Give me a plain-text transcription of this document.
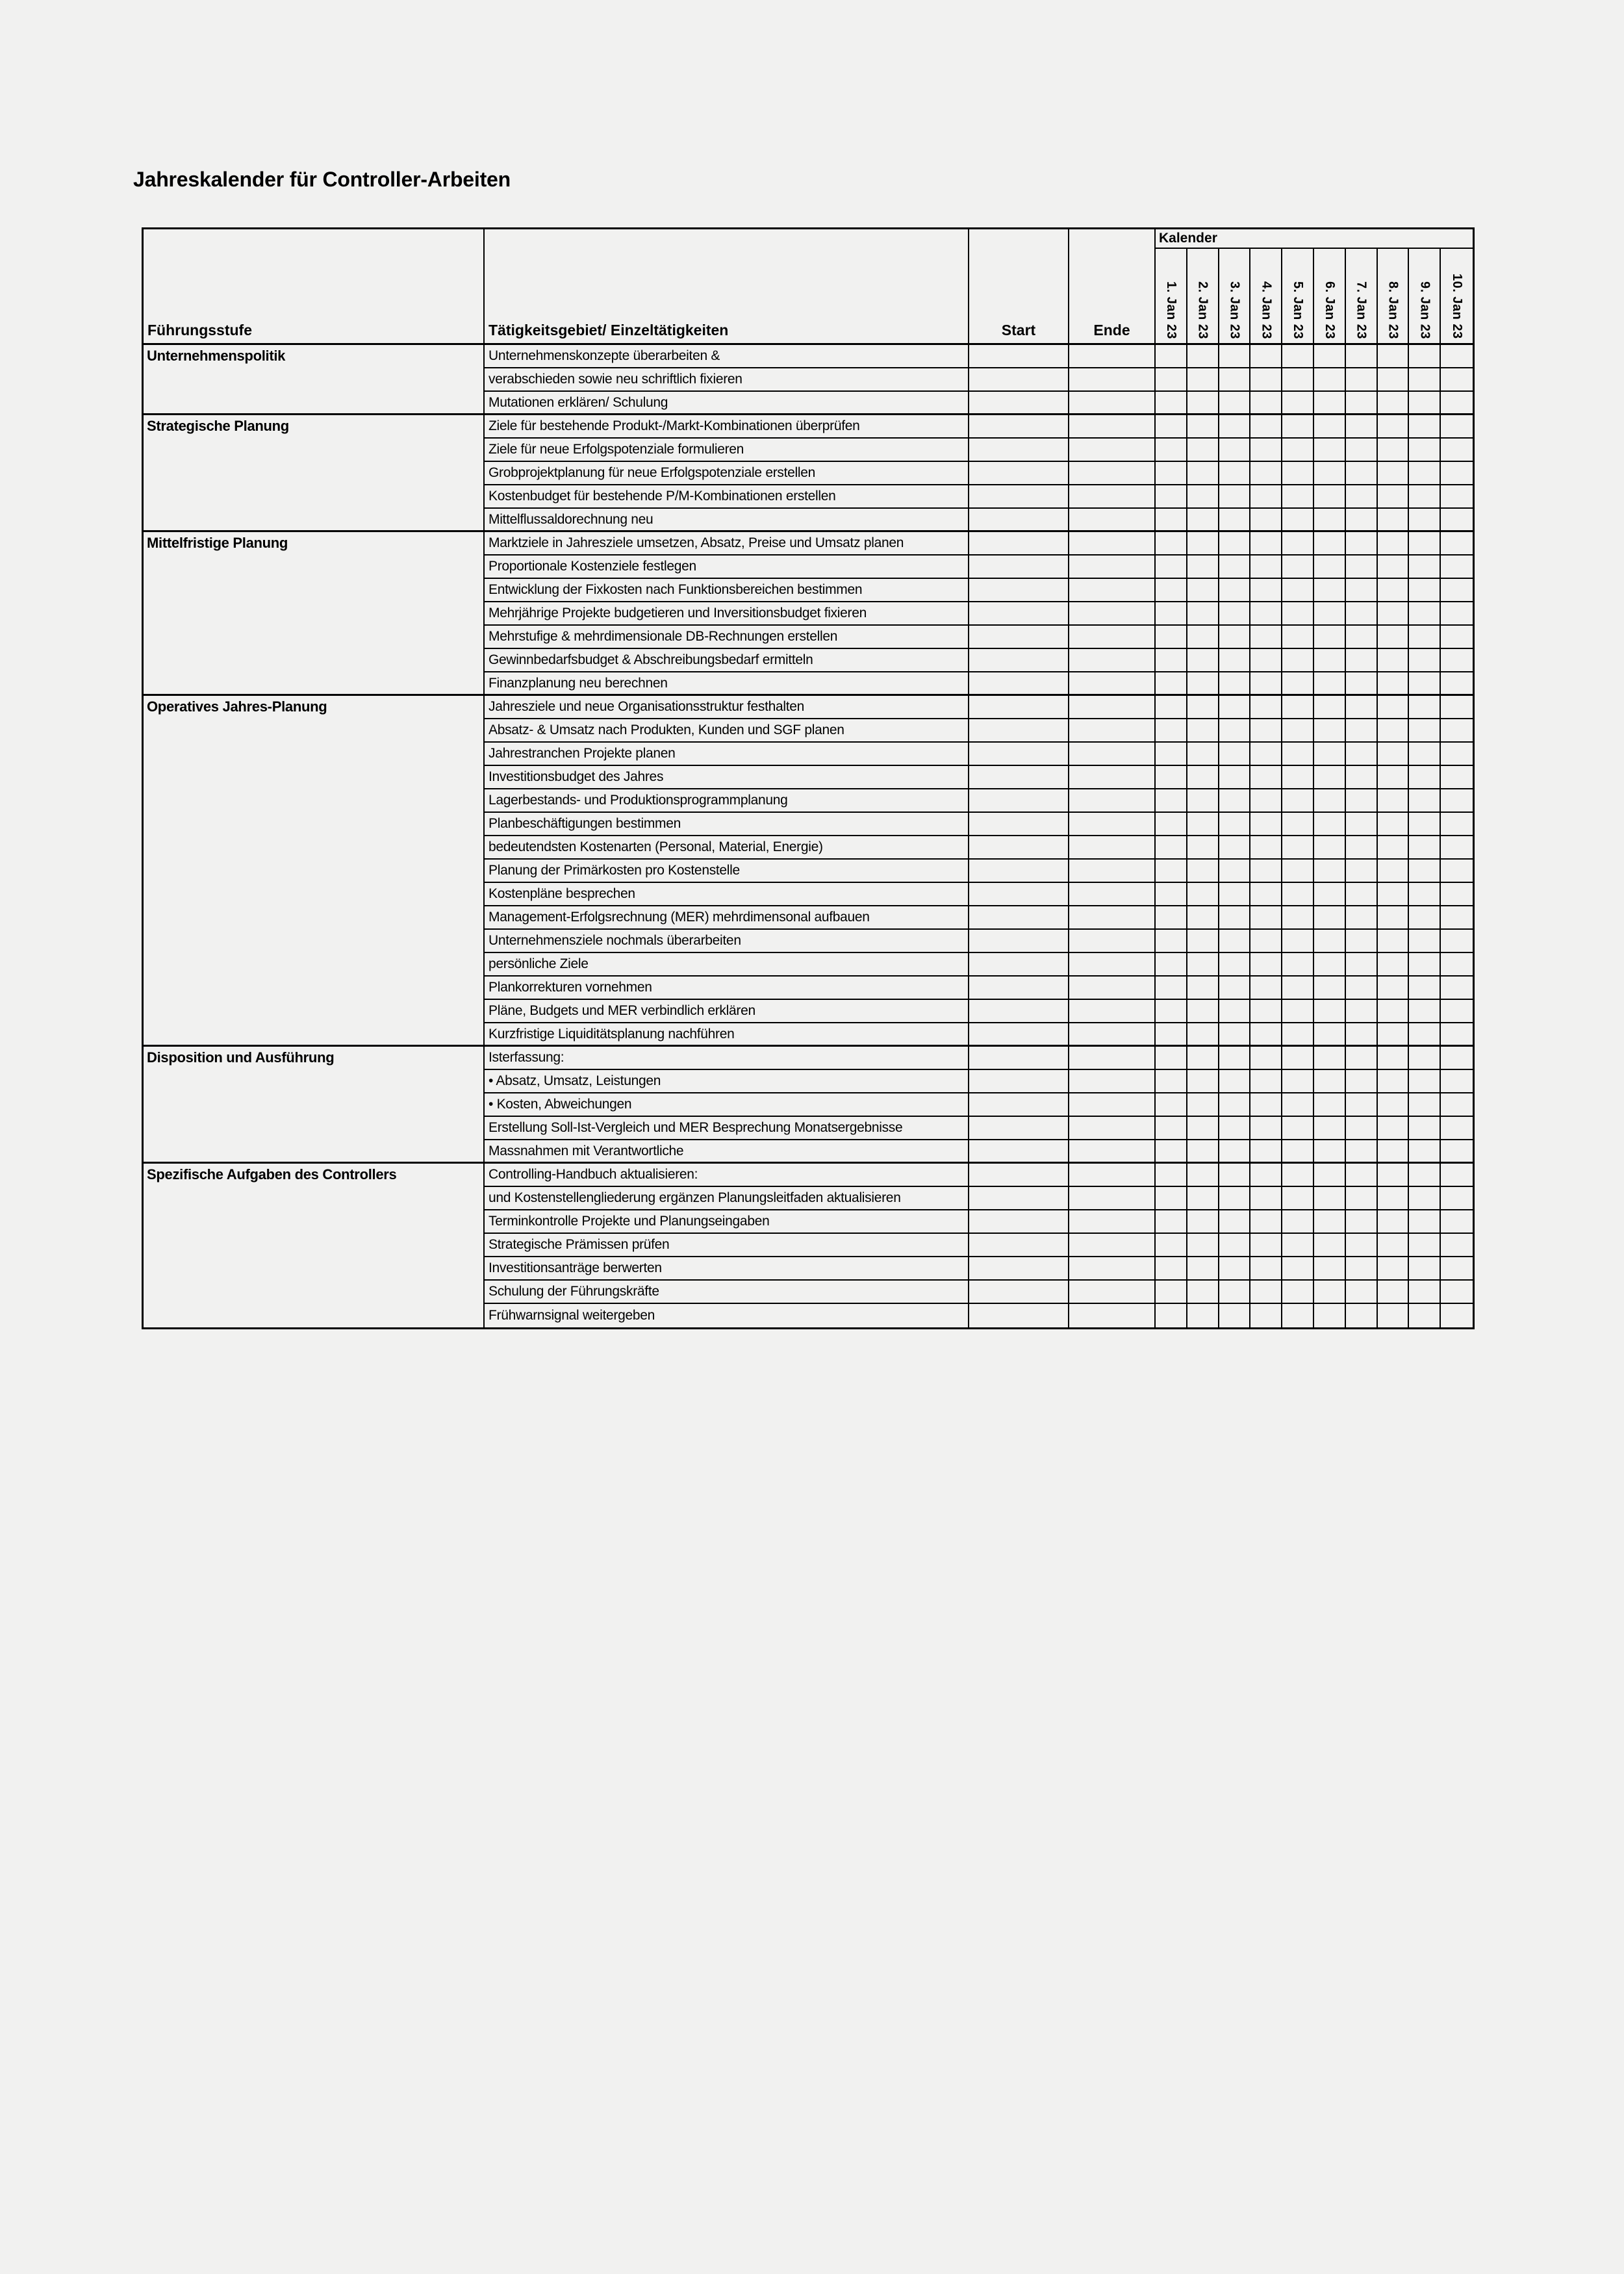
Jahreskalender für Controller-Arbeiten
Führungsstufe	Tätigkeitsgebiet/ Einzeltätigkeiten	Start	Ende
Kalender
1. Jan 23 2. Jan 23 3. Jan 23 4. Jan 23 5. Jan 23 6. Jan 23 7. Jan 23 8. Jan 23 9. Jan 23 10. Jan 23
Unternehmenspolitik	Unternehmenskonzepte überarbeiten &
verabschieden sowie neu schriftlich fixieren
Mutationen erklären/ Schulung
Strategische Planung	Ziele für bestehende Produkt-/Markt-Kombinationen überprüfen
Ziele für neue Erfolgspotenziale formulieren
Grobprojektplanung für neue Erfolgspotenziale erstellen
Kostenbudget für bestehende P/M-Kombinationen erstellen
Mittelflussaldorechnung neu
Mittelfristige Planung	Marktziele in Jahresziele umsetzen, Absatz, Preise und Umsatz planen
Proportionale Kostenziele festlegen
Entwicklung der Fixkosten nach Funktionsbereichen bestimmen
Mehrjährige Projekte budgetieren und Inversitionsbudget fixieren
Mehrstufige & mehrdimensionale DB-Rechnungen erstellen
Gewinnbedarfsbudget & Abschreibungsbedarf ermitteln
Finanzplanung neu berechnen
Operatives Jahres-Planung	Jahresziele und neue Organisationsstruktur festhalten
Absatz- & Umsatz nach Produkten, Kunden und SGF planen
Jahrestranchen Projekte planen
Investitionsbudget des Jahres
Lagerbestands- und Produktionsprogrammplanung
Planbeschäftigungen bestimmen
bedeutendsten Kostenarten (Personal, Material, Energie)
Planung der Primärkosten pro Kostenstelle
Kostenpläne besprechen
Management-Erfolgsrechnung (MER) mehrdimensonal aufbauen
Unternehmensziele nochmals überarbeiten
persönliche Ziele
Plankorrekturen vornehmen
Pläne, Budgets und MER verbindlich erklären
Kurzfristige Liquiditätsplanung nachführen
Disposition und Ausführung	Isterfassung:
• Absatz, Umsatz, Leistungen
• Kosten, Abweichungen
Erstellung Soll-Ist-Vergleich und MER Besprechung Monatsergebnisse
Massnahmen mit Verantwortliche
Spezifische Aufgaben des Controllers	Controlling-Handbuch aktualisieren:
und Kostenstellengliederung ergänzen Planungsleitfaden aktualisieren
Terminkontrolle Projekte und Planungseingaben
Strategische Prämissen prüfen
Investitionsanträge berwerten
Schulung der Führungskräfte
Frühwarnsignal weitergeben
